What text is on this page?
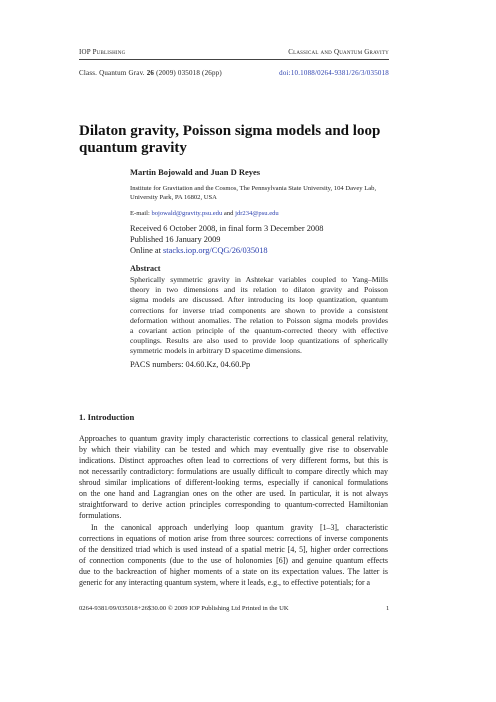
IOP Publishing	Classical and Quantum Gravity
Class. Quantum Grav. 26 (2009) 035018 (26pp)	doi:10.1088/0264-9381/26/3/035018
Dilaton gravity, Poisson sigma models and loop
quantum gravity
Martin Bojowald and Juan D Reyes
Institute for Gravitation and the Cosmos, The Pennsylvania State University, 104 Davey Lab,
University Park, PA 16802, USA
E-mail: bojowald@gravity.psu.edu and jdr234@psu.edu
Received 6 October 2008, in final form 3 December 2008
Published 16 January 2009
Online at stacks.iop.org/CQG/26/035018
Abstract
Spherically symmetric gravity in Ashtekar variables coupled to Yang–Mills
theory in two dimensions and its relation to dilaton gravity and Poisson
sigma models are discussed. After introducing its loop quantization, quantum
corrections for inverse triad components are shown to provide a consistent
deformation without anomalies. The relation to Poisson sigma models provides
a covariant action principle of the quantum-corrected theory with effective
couplings. Results are also used to provide loop quantizations of spherically
symmetric models in arbitrary D spacetime dimensions.
PACS numbers: 04.60.Kz, 04.60.Pp
1. Introduction
Approaches to quantum gravity imply characteristic corrections to classical general relativity,
by which their viability can be tested and which may eventually give rise to observable
indications. Distinct approaches often lead to corrections of very different forms, but this is
not necessarily contradictory: formulations are usually difficult to compare directly which may
shroud similar implications of different-looking terms, especially if canonical formulations
on the one hand and Lagrangian ones on the other are used. In particular, it is not always
straightforward to derive action principles corresponding to quantum-corrected Hamiltonian
formulations.
In the canonical approach underlying loop quantum gravity [1–3], characteristic
corrections in equations of motion arise from three sources: corrections of inverse components
of the densitized triad which is used instead of a spatial metric [4, 5], higher order corrections
of connection components (due to the use of holonomies [6]) and genuine quantum effects
due to the backreaction of higher moments of a state on its expectation values. The latter is
generic for any interacting quantum system, where it leads, e.g., to effective potentials; for a
0264-9381/09/035018+26$30.00 © 2009 IOP Publishing Ltd Printed in the UK	1
